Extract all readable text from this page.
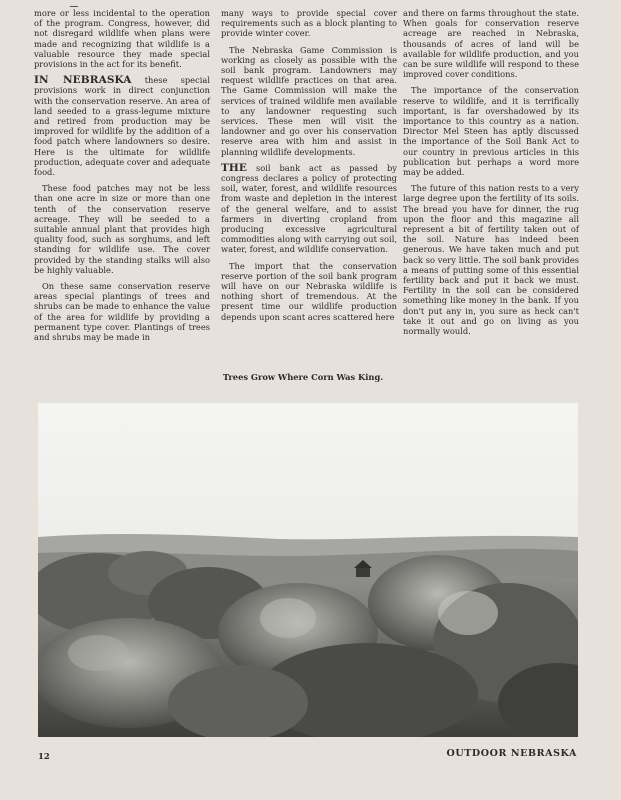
more or less incidental to the operation of the program. Congress, however, did not disregard wildlife when plans were made and recognizing that wildlife is a valuable resource they made special provisions in the act for its benefit.

IN NEBRASKA these special provisions work in direct conjunction with the conservation reserve. An area of land seeded to a grass-legume mixture and retired from production may be improved for wildlife by the addition of a food patch where landowners so desire. Here is the ultimate for wildlife production, adequate cover and adequate food.

These food patches may not be less than one acre in size or more than one tenth of the conservation reserve acreage. They will be seeded to a suitable annual plant that provides high quality food, such as sorghums, and left standing for wildlife use. The cover provided by the standing stalks will also be highly valuable.

On these same conservation reserve areas special plantings of trees and shrubs can be made to enhance the value of the area for wildlife by providing a permanent type cover. Plantings of trees and shrubs may be made in

many ways to provide special cover requirements such as a block planting to provide winter cover.

The Nebraska Game Commission is working as closely as possible with the soil bank program. Landowners may request wildlife practices on that area. The Game Commission will make the services of trained wildlife men available to any landowner requesting such services. These men will visit the landowner and go over his conservation reserve area with him and assist in planning wildlife developments.

THE soil bank act as passed by congress declares a policy of protecting soil, water, forest, and wildlife resources from waste and depletion in the interest of the general welfare, and to assist farmers in diverting cropland from producing excessive agricultural commodities along with carrying out soil, water, forest, and wildlife conservation.

The import that the conservation reserve portion of the soil bank program will have on our Nebraska wildlife is nothing short of tremendous. At the present time our wildlife production depends upon scant acres scattered here

and there on farms throughout the state. When goals for conservation reserve acreage are reached in Nebraska, thousands of acres of land will be available for wildlife production, and you can be sure wildlife will respond to these improved cover conditions.

The importance of the conservation reserve to wildlife, and it is terrifically important, is far overshadowed by its importance to this country as a nation. Director Mel Steen has aptly discussed the importance of the Soil Bank Act to our country in previous articles in this publication but perhaps a word more may be added.

The future of this nation rests to a very large degree upon the fertility of its soils. The bread you have for dinner, the rug upon the floor and this magazine all represent a bit of fertility taken out of the soil. Nature has indeed been generous. We have taken much and put back so very little. The soil bank provides a means of putting some of this essential fertility back and put it back we must. Fertility in the soil can be considered something like money in the bank. If you don't put any in, you sure as heck can't take it out and go on living as you normally would.

Trees Grow Where Corn Was King.
12	OUTDOOR NEBRASKA
